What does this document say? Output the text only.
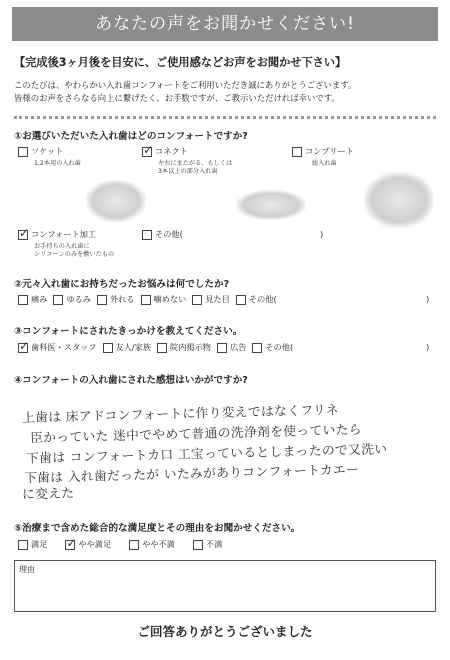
あなたの声をお聞かせください!
【完成後3ヶ月後を目安に、ご使用感などお声をお聞かせ下さい】
このたびは、やわらかい入れ歯コンフォートをご利用いただき誠にありがとうございます。
皆様のお声をさらなる向上に繋げたく、お手数ですが、ご教示いただければ幸いです。
①お選びいただいた入れ歯はどのコンフォートですか?
ソケット
1,2本用の入れ歯
✓
コネクト
左右にまたがる、もしくは
3本以上の部分入れ歯
コンプリート
総入れ歯
✓
コンフォート加工
お手持ちの入れ歯に
シリコーンのみを敷いたもの
その他(	)
②元々入れ歯にお持ちだったお悩みは何でしたか?
痛み ゆるみ 外れる 噛めない 見た目 その他(	)
③コンフォートにされたきっかけを教えてください。
✓
歯科医・スタッフ 友人/家族 院内掲示物 広告 その他(	)
④コンフォートの入れ歯にされた感想はいかがですか?
上歯は 床アドコンフォートに作り変えではなくフリネ
臣かっていた 迷中でやめて普通の洗浄剤を使っていたら
下歯は コンフォートカ口 工宝っているとしまったので又洗い
下歯は 入れ歯だったが いたみがありコンフォートカエー
に変えた
⑤治療まで含めた総合的な満足度とその理由をお聞かせください。
満足
✓	やや満足	やや不満	不満
理由
ご回答ありがとうございました
